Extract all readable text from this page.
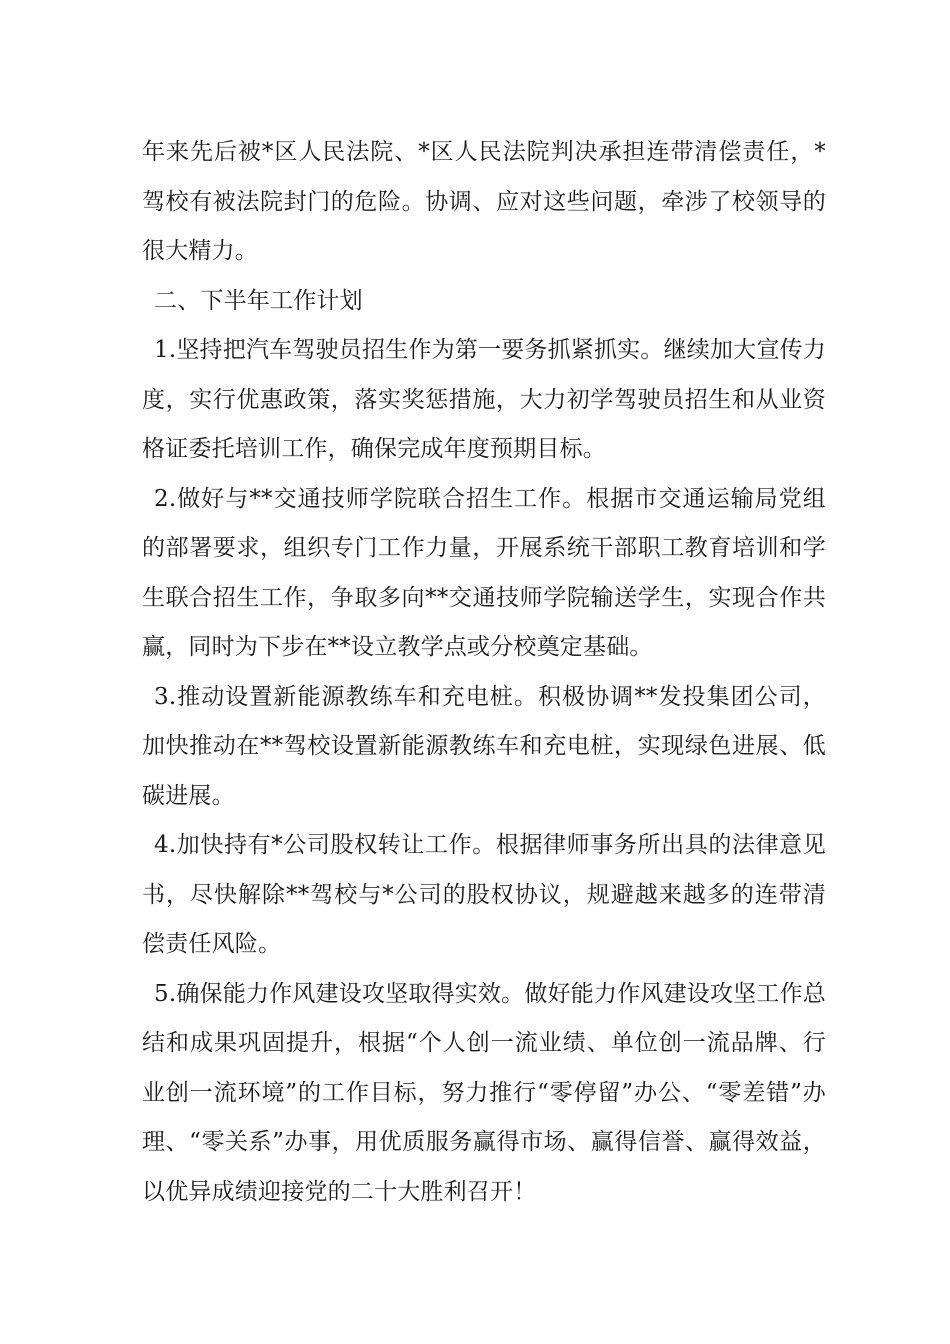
年来先后被*区人民法院、*区人民法院判决承担连带清偿责任，*驾校有被法院封门的危险。协调、应对这些问题，牵涉了校领导的很大精力。

二、下半年工作计划

1.坚持把汽车驾驶员招生作为第一要务抓紧抓实。继续加大宣传力度，实行优惠政策，落实奖惩措施，大力初学驾驶员招生和从业资格证委托培训工作，确保完成年度预期目标。

2.做好与**交通技师学院联合招生工作。根据市交通运输局党组的部署要求，组织专门工作力量，开展系统干部职工教育培训和学生联合招生工作，争取多向**交通技师学院输送学生，实现合作共赢，同时为下步在**设立教学点或分校奠定基础。

3.推动设置新能源教练车和充电桩。积极协调**发投集团公司，加快推动在**驾校设置新能源教练车和充电桩，实现绿色进展、低碳进展。

4.加快持有*公司股权转让工作。根据律师事务所出具的法律意见书，尽快解除**驾校与*公司的股权协议，规避越来越多的连带清偿责任风险。

5.确保能力作风建设攻坚取得实效。做好能力作风建设攻坚工作总结和成果巩固提升，根据“个人创一流业绩、单位创一流品牌、行业创一流环境”的工作目标，努力推行“零停留”办公、“零差错”办理、“零关系”办事，用优质服务赢得市场、赢得信誉、赢得效益，以优异成绩迎接党的二十大胜利召开！
